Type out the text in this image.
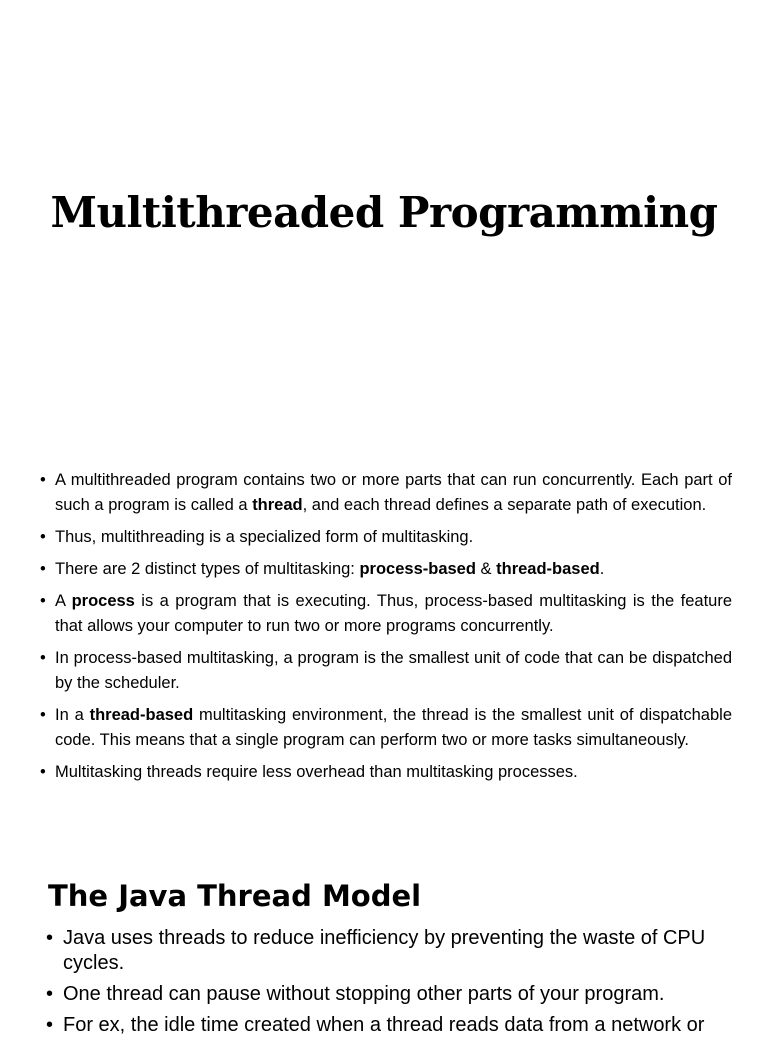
Multithreaded Programming
• A multithreaded program contains two or more parts that can run concurrently. Each part of such a program is called a thread, and each thread defines a separate path of execution.
• Thus, multithreading is a specialized form of multitasking.
• There are 2 distinct types of multitasking: process-based & thread-based.
• A process is a program that is executing. Thus, process-based multitasking is the feature that allows your computer to run two or more programs concurrently.
• In process-based multitasking, a program is the smallest unit of code that can be dispatched by the scheduler.
• In a thread-based multitasking environment, the thread is the smallest unit of dispatchable code. This means that a single program can perform two or more tasks simultaneously.
• Multitasking threads require less overhead than multitasking processes.
The Java Thread Model
• Java uses threads to reduce inefficiency by preventing the waste of CPU cycles.
• One thread can pause without stopping other parts of your program.
• For ex, the idle time created when a thread reads data from a network or
